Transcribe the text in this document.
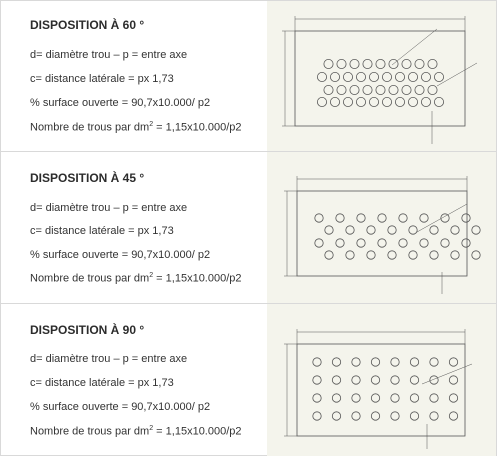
DISPOSITION À 60 °

d= diamètre trou – p = entre axe

c= distance latérale = px 1,73

% surface ouverte = 90,7x10.000/ p2

Nombre de trous par $dm^2 = 1,15x10.000/p2$

DISPOSITION À 45 °

d= diamètre trou – p = entre axe

c= distance latérale = px 1,73

% surface ouverte = 90,7x10.000/ p2

Nombre de trous par $dm^2 = 1,15x10.000/p2$

DISPOSITION À 90 °

d= diamètre trou – p = entre axe

c= distance latérale = px 1,73

% surface ouverte = 90,7x10.000/ p2

Nombre de trous par $dm^2 = 1,15x10.000/p2$
